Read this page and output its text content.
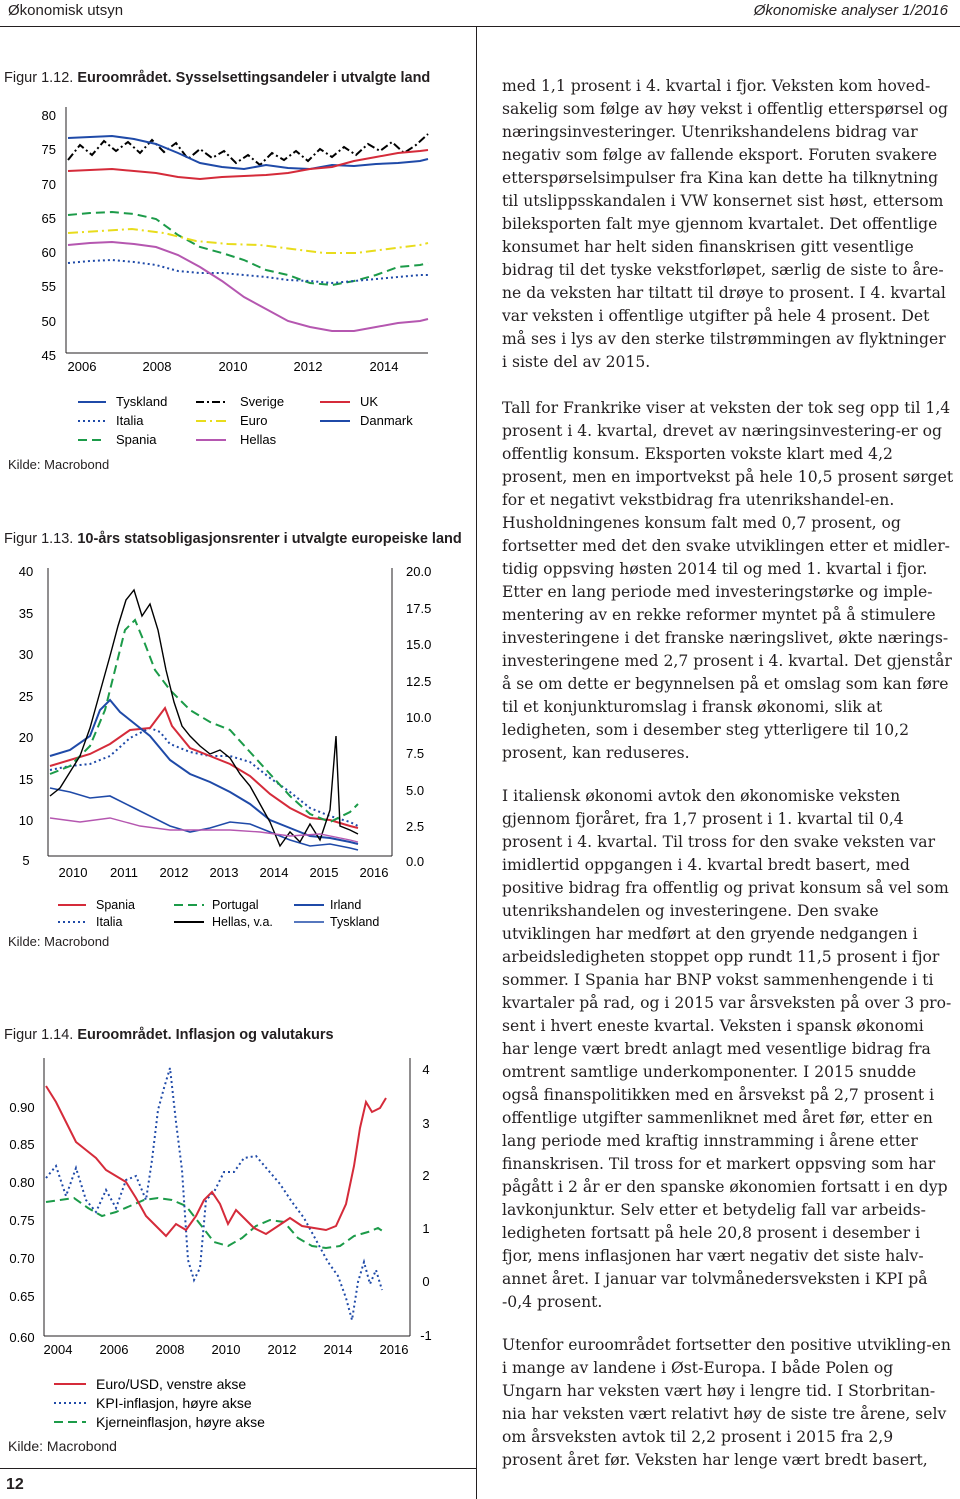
Økonomisk utsyn	Økonomiske analyser 1/2016
Figur 1.12. Euroområdet. Sysselsettingsandeler i utvalgte land
80
75
70
65
60
55
50
45
2006	2008	2010	2012	2014
Tyskland
Italia
Spania
Sverige
Euro
Hellas
UK
Danmark
Kilde: Macrobond
Figur 1.13. 10-års statsobligasjonsrenter i utvalgte europeiske land
40
35
30
25
20
15
10
5
20.0
17.5
15.0
12.5
10.0
7.5
5.0
2.5
0.0
2010 2011 2012 2013 2014 2015 2016
Spania
Italia
Portugal
Hellas, v.a.
Irland
Tyskland
Kilde: Macrobond
Figur 1.14. Euroområdet. Inflasjon og valutakurs
0.90
0.85
0.80
0.75
0.70
0.65
0.60
4
3
2
1
0
-1
2004 2006 2008 2010 2012 2014 2016
Euro/USD, venstre akse
KPI-inflasjon, høyre akse
Kjerneinflasjon, høyre akse
Kilde: Macrobond
12

med 1,1 prosent i 4. kvartal i fjor. Veksten kom hoved-sakelig som følge av høy vekst i offentlig etterspørsel og næringsinvesteringer. Utenrikshandelens bidrag var negativ som følge av fallende eksport. Foruten svakere etterspørselsimpulser fra Kina kan dette ha tilknytning til utslippsskandalen i VW konsernet sist høst, ettersom bileksporten falt mye gjennom kvartalet. Det offentlige konsumet har helt siden finanskrisen gitt vesentlige bidrag til det tyske vekstforløpet, særlig de siste to åre-ne da veksten har tiltatt til drøye to prosent. I 4. kvartal var veksten i offentlige utgifter på hele 4 prosent. Det må ses i lys av den sterke tilstrømmingen av flyktninger i siste del av 2015.

Tall for Frankrike viser at veksten der tok seg opp til 1,4 prosent i 4. kvartal, drevet av næringsinvestering-er og offentlig konsum. Eksporten vokste klart med 4,2 prosent, men en importvekst på hele 10,5 prosent sørget for et negativt vekstbidrag fra utenrikshandel-en. Husholdningenes konsum falt med 0,7 prosent, og fortsetter med det den svake utviklingen etter et midler-tidig oppsving høsten 2014 til og med 1. kvartal i fjor. Etter en lang periode med investeringstørke og imple-mentering av en rekke reformer myntet på å stimulere investeringene i det franske næringslivet, økte nærings-investeringene med 2,7 prosent i 4. kvartal. Det gjenstår å se om dette er begynnelsen på et omslag som kan føre til et konjunkturomslag i fransk økonomi, slik at ledigheten, som i desember steg ytterligere til 10,2 prosent, kan reduseres.

I italiensk økonomi avtok den økonomiske veksten gjennom fjoråret, fra 1,7 prosent i 1. kvartal til 0,4 prosent i 4. kvartal. Til tross for den svake veksten var imidlertid oppgangen i 4. kvartal bredt basert, med positive bidrag fra offentlig og privat konsum så vel som utenrikshandelen og investeringene. Den svake utviklingen har medført at den gryende nedgangen i arbeidsledigheten stoppet opp rundt 11,5 prosent i fjor sommer. I Spania har BNP vokst sammenhengende i ti kvartaler på rad, og i 2015 var årsveksten på over 3 pro-sent i hvert eneste kvartal. Veksten i spansk økonomi har lenge vært bredt anlagt med vesentlige bidrag fra omtrent samtlige underkomponenter. I 2015 snudde også finanspolitikken med en årsvekst på 2,7 prosent i offentlige utgifter sammenliknet med året før, etter en lang periode med kraftig innstramming i årene etter finanskrisen. Til tross for et markert oppsving som har pågått i 2 år er den spanske økonomien fortsatt i en dyp lavkonjunktur. Selv etter et betydelig fall var arbeids-ledigheten fortsatt på hele 20,8 prosent i desember i fjor, mens inflasjonen har vært negativ det siste halv-annet året. I januar var tolvmånedersveksten i KPI på -0,4 prosent.

Utenfor euroområdet fortsetter den positive utvikling-en i mange av landene i Øst-Europa. I både Polen og Ungarn har veksten vært høy i lengre tid. I Storbritan-nia har veksten vært relativt høy de siste tre årene, selv om årsveksten avtok til 2,2 prosent i 2015 fra 2,9 prosent året før. Veksten har lenge vært bredt basert,
